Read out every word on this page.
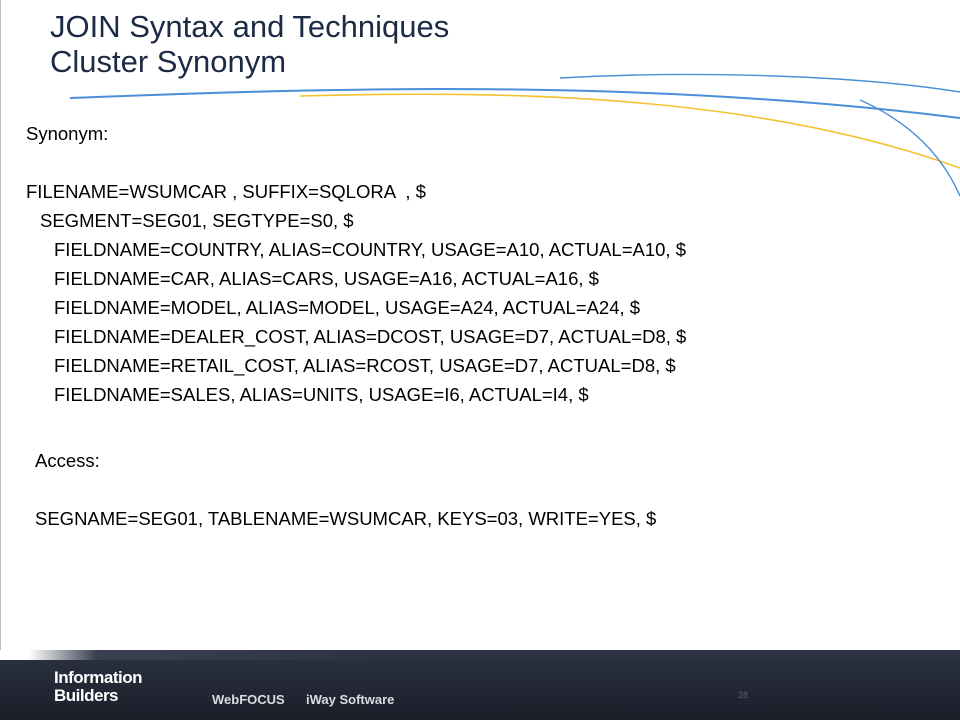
JOIN Syntax and Techniques
Cluster Synonym
Synonym:
FILENAME=WSUMCAR , SUFFIX=SQLORA  , $
SEGMENT=SEG01, SEGTYPE=S0, $
FIELDNAME=COUNTRY, ALIAS=COUNTRY, USAGE=A10, ACTUAL=A10, $
FIELDNAME=CAR, ALIAS=CARS, USAGE=A16, ACTUAL=A16, $
FIELDNAME=MODEL, ALIAS=MODEL, USAGE=A24, ACTUAL=A24, $
FIELDNAME=DEALER_COST, ALIAS=DCOST, USAGE=D7, ACTUAL=D8, $
FIELDNAME=RETAIL_COST, ALIAS=RCOST, USAGE=D7, ACTUAL=D8, $
FIELDNAME=SALES, ALIAS=UNITS, USAGE=I6, ACTUAL=I4, $
Access:
SEGNAME=SEG01, TABLENAME=WSUMCAR, KEYS=03, WRITE=YES, $
Information
Builders	WebFOCUS iWay Software	28
